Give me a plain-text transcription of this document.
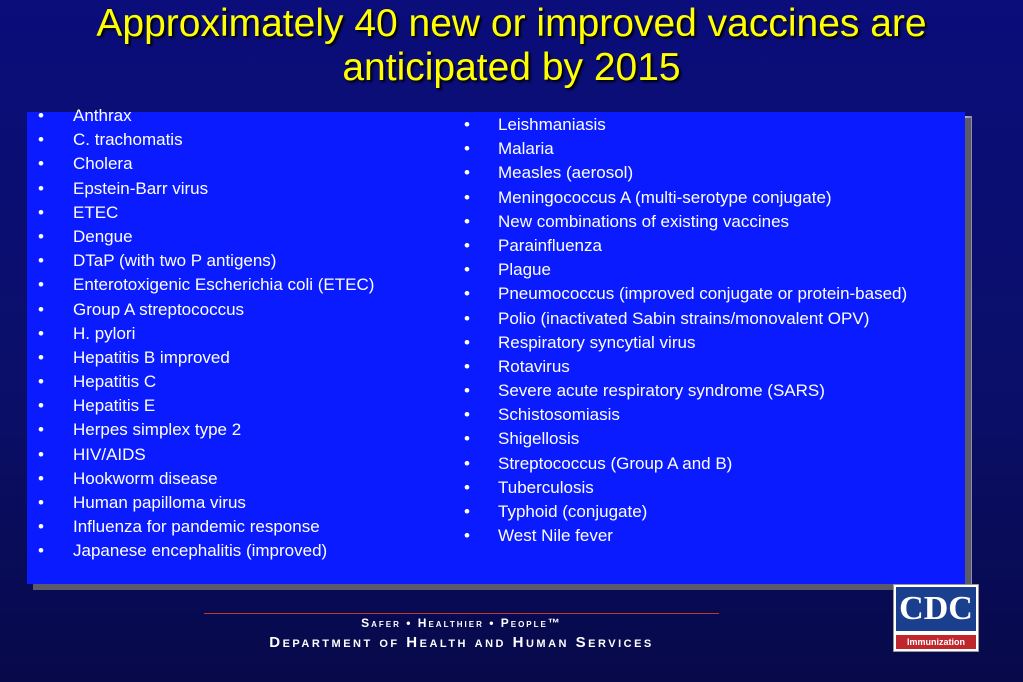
Approximately 40 new or improved vaccines are anticipated by 2015
• Anthrax
• C. trachomatis
• Cholera
• Epstein-Barr virus
• ETEC
• Dengue
• DTaP (with two P antigens)
• Enterotoxigenic Escherichia coli (ETEC)
• Group A streptococcus
• H. pylori
• Hepatitis B improved
• Hepatitis C
• Hepatitis E
• Herpes simplex type 2
• HIV/AIDS
• Hookworm disease
• Human papilloma virus
• Influenza for pandemic response
• Japanese encephalitis (improved)
• Leishmaniasis
• Malaria
• Measles (aerosol)
• Meningococcus A (multi-serotype conjugate)
• New combinations of existing vaccines
• Parainfluenza
• Plague
• Pneumococcus (improved conjugate or protein-based)
• Polio (inactivated Sabin strains/monovalent OPV)
• Respiratory syncytial virus
• Rotavirus
• Severe acute respiratory syndrome (SARS)
• Schistosomiasis
• Shigellosis
• Streptococcus (Group A and B)
• Tuberculosis
• Typhoid (conjugate)
• West Nile fever
Safer • Healthier • People™
Department of Health and Human Services
CDC
Immunization
